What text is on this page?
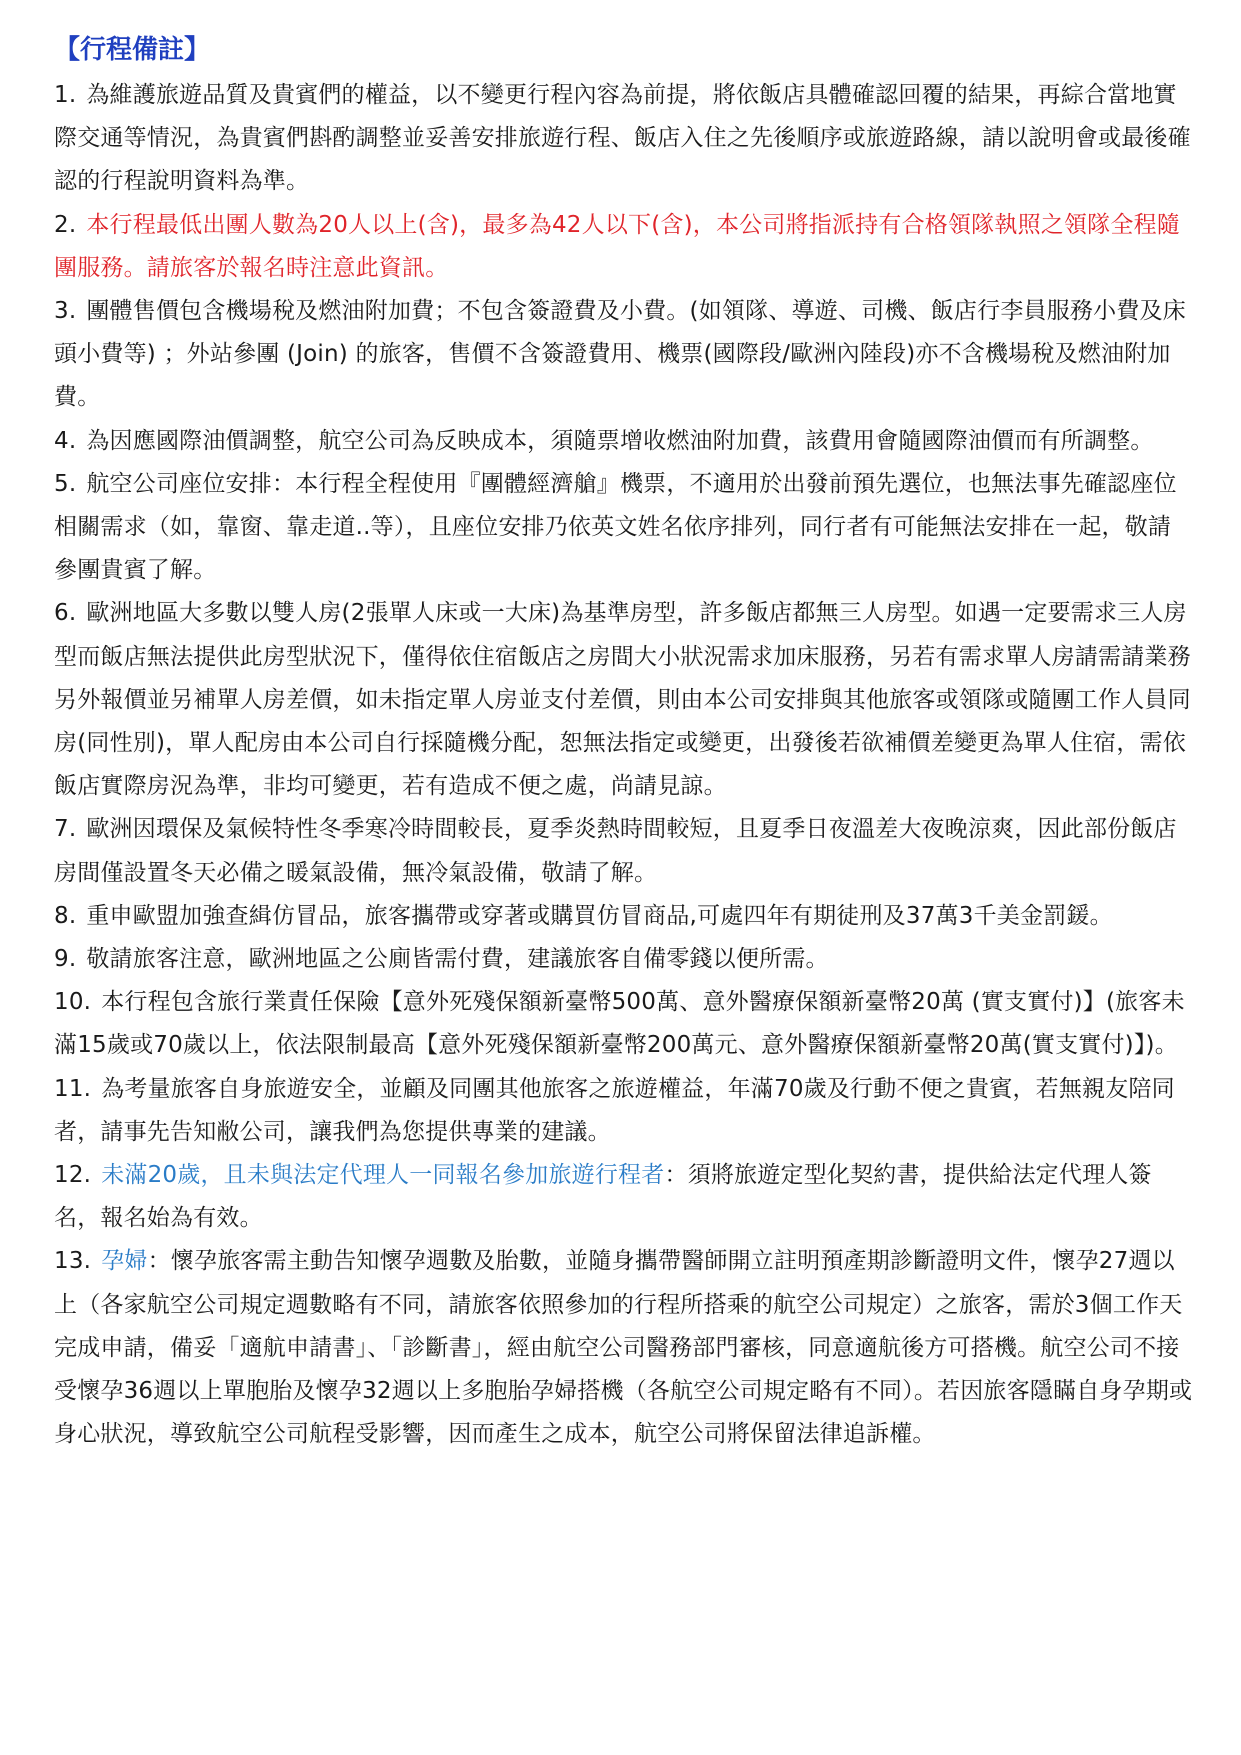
【行程備註】

1. 為維護旅遊品質及貴賓們的權益，以不變更行程內容為前提，將依飯店具體確認回覆的結果，再綜合當地實際交通等情況，為貴賓們斟酌調整並妥善安排旅遊行程、飯店入住之先後順序或旅遊路線，請以說明會或最後確認的行程說明資料為準。

2. 本行程最低出團人數為20人以上(含)，最多為42人以下(含)，本公司將指派持有合格領隊執照之領隊全程隨團服務。請旅客於報名時注意此資訊。

3. 團體售價包含機場稅及燃油附加費；不包含簽證費及小費。(如領隊、導遊、司機、飯店行李員服務小費及床頭小費等) ；外站參團 (Join) 的旅客，售價不含簽證費用、機票(國際段/歐洲內陸段)亦不含機場稅及燃油附加費。

4. 為因應國際油價調整，航空公司為反映成本，須隨票增收燃油附加費，該費用會隨國際油價而有所調整。

5. 航空公司座位安排：本行程全程使用『團體經濟艙』機票，不適用於出發前預先選位，也無法事先確認座位相關需求（如，靠窗、靠走道..等），且座位安排乃依英文姓名依序排列，同行者有可能無法安排在一起，敬請參團貴賓了解。

6. 歐洲地區大多數以雙人房(2張單人床或一大床)為基準房型，許多飯店都無三人房型。如遇一定要需求三人房型而飯店無法提供此房型狀況下，僅得依住宿飯店之房間大小狀況需求加床服務，另若有需求單人房請需請業務另外報價並另補單人房差價，如未指定單人房並支付差價，則由本公司安排與其他旅客或領隊或隨團工作人員同房(同性別)，單人配房由本公司自行採隨機分配，恕無法指定或變更，出發後若欲補價差變更為單人住宿，需依飯店實際房況為準，非均可變更，若有造成不便之處，尚請見諒。

7. 歐洲因環保及氣候特性冬季寒冷時間較長，夏季炎熱時間較短，且夏季日夜溫差大夜晚涼爽，因此部份飯店房間僅設置冬天必備之暖氣設備，無冷氣設備，敬請了解。

8. 重申歐盟加強查緝仿冒品，旅客攜帶或穿著或購買仿冒商品,可處四年有期徒刑及37萬3千美金罰鍰。

9. 敬請旅客注意，歐洲地區之公廁皆需付費，建議旅客自備零錢以便所需。

10. 本行程包含旅行業責任保險【意外死殘保額新臺幣500萬、意外醫療保額新臺幣20萬 (實支實付)】(旅客未滿15歲或70歲以上，依法限制最高【意外死殘保額新臺幣200萬元、意外醫療保額新臺幣20萬(實支實付)】)。

11. 為考量旅客自身旅遊安全，並顧及同團其他旅客之旅遊權益，年滿70歲及行動不便之貴賓，若無親友陪同者，請事先告知敝公司，讓我們為您提供專業的建議。

12. 未滿20歲，且未與法定代理人一同報名參加旅遊行程者：須將旅遊定型化契約書，提供給法定代理人簽名，報名始為有效。

13. 孕婦：懷孕旅客需主動告知懷孕週數及胎數，並隨身攜帶醫師開立註明預產期診斷證明文件，懷孕27週以上（各家航空公司規定週數略有不同，請旅客依照參加的行程所搭乘的航空公司規定）之旅客，需於3個工作天完成申請，備妥「適航申請書」、「診斷書」，經由航空公司醫務部門審核，同意適航後方可搭機。航空公司不接受懷孕36週以上單胞胎及懷孕32週以上多胞胎孕婦搭機（各航空公司規定略有不同）。若因旅客隱瞞自身孕期或身心狀況，導致航空公司航程受影響，因而產生之成本，航空公司將保留法律追訴權。
